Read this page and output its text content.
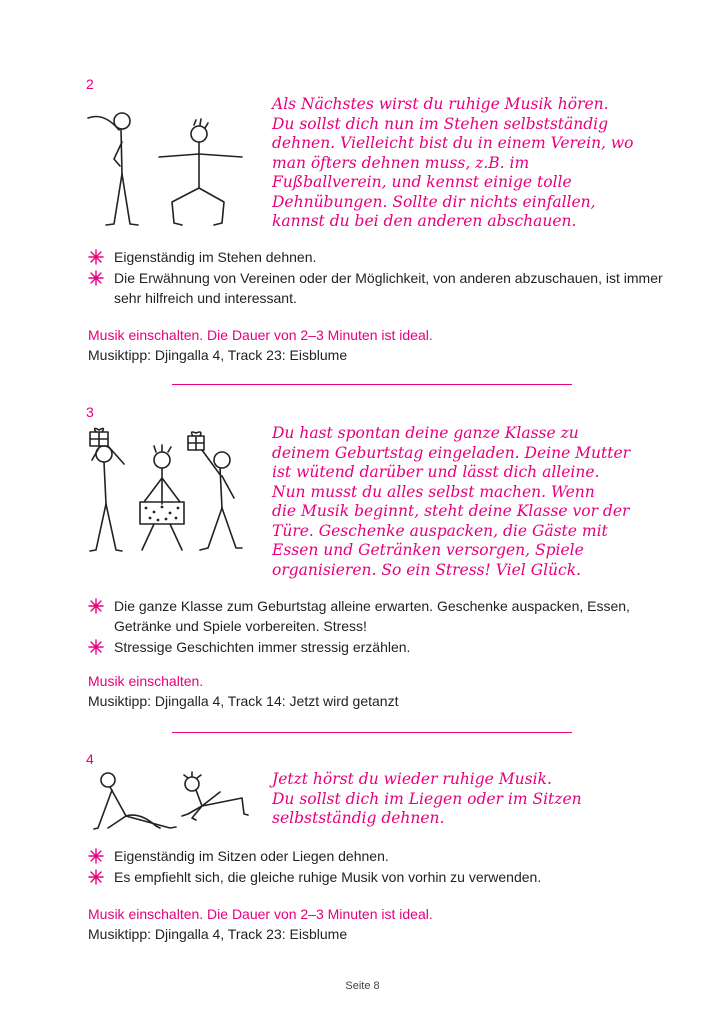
2
Als Nächstes wirst du ruhige Musik hören.
Du sollst dich nun im Stehen selbstständig
dehnen. Vielleicht bist du in einem Verein, wo
man öfters dehnen muss, z.B. im
Fußballverein, und kennst einige tolle
Dehnübungen. Sollte dir nichts einfallen,
kannst du bei den anderen abschauen.
Eigenständig im Stehen dehnen.
Die Erwähnung von Vereinen oder der Möglichkeit, von anderen abzuschauen, ist immer sehr hilfreich und interessant.
Musik einschalten. Die Dauer von 2–3 Minuten ist ideal.
Musiktipp: Djingalla 4, Track 23: Eisblume
3
Du hast spontan deine ganze Klasse zu
deinem Geburtstag eingeladen. Deine Mutter
ist wütend darüber und lässt dich alleine.
Nun musst du alles selbst machen. Wenn
die Musik beginnt, steht deine Klasse vor der
Türe. Geschenke auspacken, die Gäste mit
Essen und Getränken versorgen, Spiele
organisieren. So ein Stress! Viel Glück.
Die ganze Klasse zum Geburtstag alleine erwarten. Geschenke auspacken, Essen, Getränke und Spiele vorbereiten. Stress!
Stressige Geschichten immer stressig erzählen.
Musik einschalten.
Musiktipp: Djingalla 4, Track 14: Jetzt wird getanzt
4
Jetzt hörst du wieder ruhige Musik.
Du sollst dich im Liegen oder im Sitzen
selbstständig dehnen.
Eigenständig im Sitzen oder Liegen dehnen.
Es empfiehlt sich, die gleiche ruhige Musik von vorhin zu verwenden.
Musik einschalten. Die Dauer von 2–3 Minuten ist ideal.
Musiktipp: Djingalla 4, Track 23: Eisblume
Seite 8
